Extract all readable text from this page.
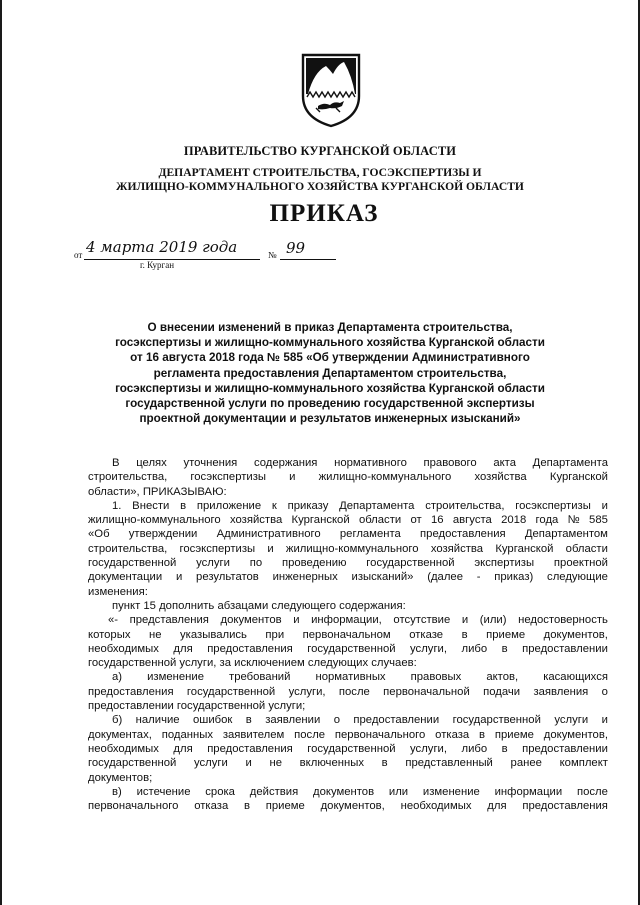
ПРАВИТЕЛЬСТВО КУРГАНСКОЙ ОБЛАСТИ
ДЕПАРТАМЕНТ СТРОИТЕЛЬСТВА, ГОСЭКСПЕРТИЗЫ И
ЖИЛИЩНО-КОММУНАЛЬНОГО ХОЗЯЙСТВА КУРГАНСКОЙ ОБЛАСТИ
ПРИКАЗ
от 4 марта 2019 года	№ 99
г. Курган
О внесении изменений в приказ Департамента строительства,
госэкспертизы и жилищно-коммунального хозяйства Курганской области
от 16 августа 2018 года № 585 «Об утверждении Административного
регламента предоставления Департаментом строительства,
госэкспертизы и жилищно-коммунального хозяйства Курганской области
государственной услуги по проведению государственной экспертизы
проектной документации и результатов инженерных изысканий»
В целях уточнения содержания нормативного правового акта Департамента
строительства, госэкспертизы и жилищно-коммунального хозяйства Курганской
области», ПРИКАЗЫВАЮ:
1. Внести в приложение к приказу Департамента строительства, госэкспертизы и
жилищно-коммунального хозяйства Курганской области от 16 августа 2018 года № 585
«Об утверждении Административного регламента предоставления Департаментом
строительства, госэкспертизы и жилищно-коммунального хозяйства Курганской области
государственной услуги по проведению государственной экспертизы проектной
документации и результатов инженерных изысканий» (далее - приказ) следующие
изменения:
пункт 15 дополнить абзацами следующего содержания:
«- представления документов и информации, отсутствие и (или) недостоверность
которых не указывались при первоначальном отказе в приеме документов,
необходимых для предоставления государственной услуги, либо в предоставлении
государственной услуги, за исключением следующих случаев:
а) изменение требований нормативных правовых актов, касающихся
предоставления государственной услуги, после первоначальной подачи заявления о
предоставлении государственной услуги;
б) наличие ошибок в заявлении о предоставлении государственной услуги и
документах, поданных заявителем после первоначального отказа в приеме документов,
необходимых для предоставления государственной услуги, либо в предоставлении
государственной услуги и не включенных в представленный ранее комплект
документов;
в) истечение срока действия документов или изменение информации после
первоначального отказа в приеме документов, необходимых для предоставления
